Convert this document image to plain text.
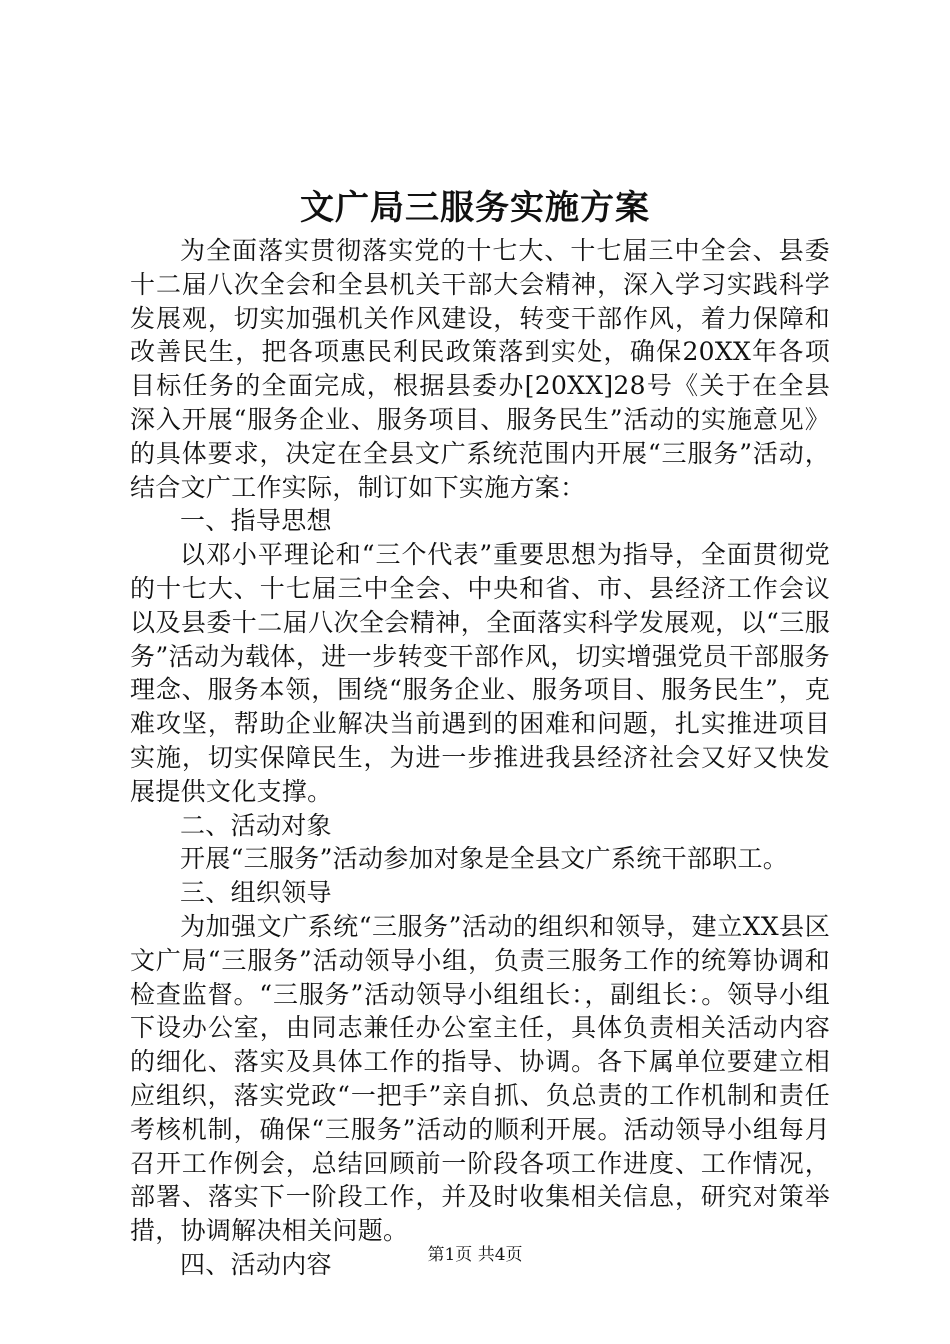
文广局三服务实施方案

为全面落实贯彻落实党的十七大、十七届三中全会、县委十二届八次全会和全县机关干部大会精神，深入学习实践科学发展观，切实加强机关作风建设，转变干部作风，着力保障和改善民生，把各项惠民利民政策落到实处，确保20XX年各项目标任务的全面完成，根据县委办[20XX]28号《关于在全县深入开展“服务企业、服务项目、服务民生”活动的实施意见》的具体要求，决定在全县文广系统范围内开展“三服务”活动，结合文广工作实际，制订如下实施方案：

一、指导思想

以邓小平理论和“三个代表”重要思想为指导，全面贯彻党的十七大、十七届三中全会、中央和省、市、县经济工作会议以及县委十二届八次全会精神，全面落实科学发展观，以“三服务”活动为载体，进一步转变干部作风，切实增强党员干部服务理念、服务本领，围绕“服务企业、服务项目、服务民生”，克难攻坚，帮助企业解决当前遇到的困难和问题，扎实推进项目实施，切实保障民生，为进一步推进我县经济社会又好又快发展提供文化支撑。

二、活动对象

开展“三服务”活动参加对象是全县文广系统干部职工。

三、组织领导

为加强文广系统“三服务”活动的组织和领导，建立XX县区文广局“三服务”活动领导小组，负责三服务工作的统筹协调和检查监督。“三服务”活动领导小组组长：，副组长：。领导小组下设办公室，由同志兼任办公室主任，具体负责相关活动内容的细化、落实及具体工作的指导、协调。各下属单位要建立相应组织，落实党政“一把手”亲自抓、负总责的工作机制和责任考核机制，确保“三服务”活动的顺利开展。活动领导小组每月召开工作例会，总结回顾前一阶段各项工作进度、工作情况，部署、落实下一阶段工作，并及时收集相关信息，研究对策举措，协调解决相关问题。

四、活动内容	第1页 共4页
